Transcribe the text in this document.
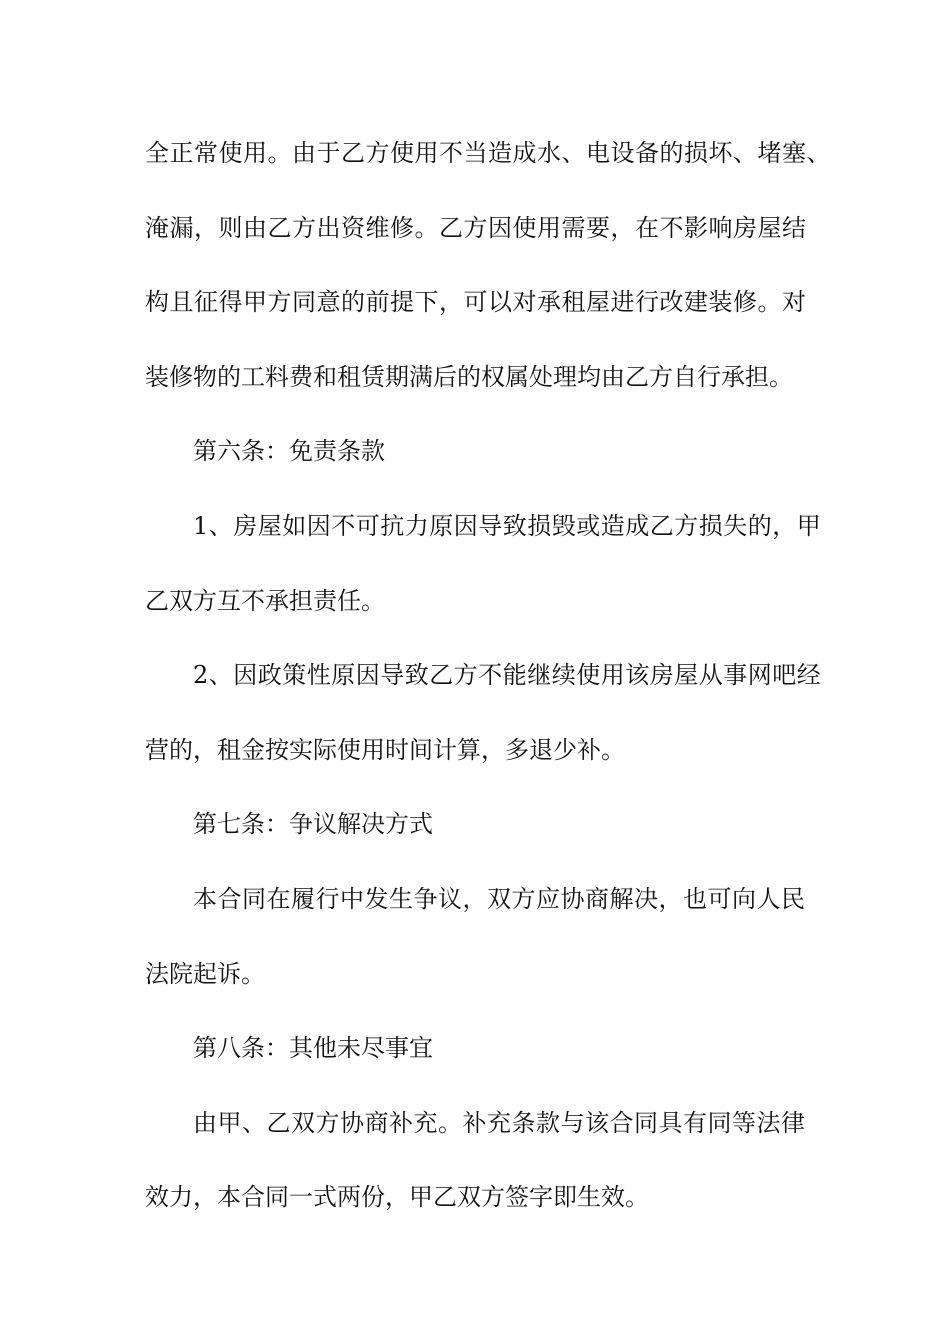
全正常使用。由于乙方使用不当造成水、电设备的损坏、堵塞、
淹漏，则由乙方出资维修。乙方因使用需要，在不影响房屋结
构且征得甲方同意的前提下，可以对承租屋进行改建装修。对
装修物的工料费和租赁期满后的权属处理均由乙方自行承担。
第六条：免责条款
1、房屋如因不可抗力原因导致损毁或造成乙方损失的，甲
乙双方互不承担责任。
2、因政策性原因导致乙方不能继续使用该房屋从事网吧经
营的，租金按实际使用时间计算，多退少补。
第七条：争议解决方式
本合同在履行中发生争议，双方应协商解决，也可向人民
法院起诉。
第八条：其他未尽事宜
由甲、乙双方协商补充。补充条款与该合同具有同等法律
效力，本合同一式两份，甲乙双方签字即生效。
